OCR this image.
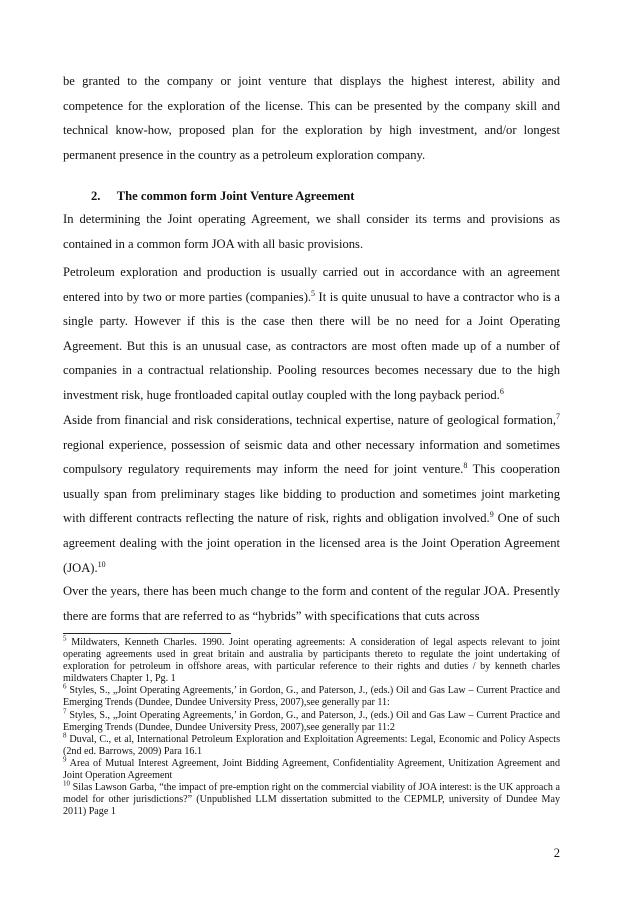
be granted to the company or joint venture that displays the highest interest, ability and competence for the exploration of the license. This can be presented by the company skill and technical know-how, proposed plan for the exploration by high investment, and/or longest permanent presence in the country as a petroleum exploration company.

2. The common form Joint Venture Agreement

In determining the Joint operating Agreement, we shall consider its terms and provisions as contained in a common form JOA with all basic provisions.

Petroleum exploration and production is usually carried out in accordance with an agreement entered into by two or more parties (companies).$^5$ It is quite unusual to have a contractor who is a single party. However if this is the case then there will be no need for a Joint Operating Agreement. But this is an unusual case, as contractors are most often made up of a number of companies in a contractual relationship. Pooling resources becomes necessary due to the high investment risk, huge frontloaded capital outlay coupled with the long payback period.$^6$

Aside from financial and risk considerations, technical expertise, nature of geological formation,$^7$ regional experience, possession of seismic data and other necessary information and sometimes compulsory regulatory requirements may inform the need for joint venture.$^8$ This cooperation usually span from preliminary stages like bidding to production and sometimes joint marketing with different contracts reflecting the nature of risk, rights and obligation involved.$^9$ One of such agreement dealing with the joint operation in the licensed area is the Joint Operation Agreement (JOA).$^{10}$

Over the years, there has been much change to the form and content of the regular JOA. Presently there are forms that are referred to as “hybrids” with specifications that cuts across

$^5$ Mildwaters, Kenneth Charles. 1990. Joint operating agreements: A consideration of legal aspects relevant to joint operating agreements used in great britain and australia by participants thereto to regulate the joint undertaking of exploration for petroleum in offshore areas, with particular reference to their rights and duties / by kenneth charles mildwaters Chapter 1, Pg. 1

$^6$ Styles, S., „Joint Operating Agreements,’ in Gordon, G., and Paterson, J., (eds.) Oil and Gas Law – Current Practice and Emerging Trends (Dundee, Dundee University Press, 2007),see generally par 11:

$^7$ Styles, S., „Joint Operating Agreements,’ in Gordon, G., and Paterson, J., (eds.) Oil and Gas Law – Current Practice and Emerging Trends (Dundee, Dundee University Press, 2007),see generally par 11:2

$^8$ Duval, C., et al, International Petroleum Exploration and Exploitation Agreements: Legal, Economic and Policy Aspects (2nd ed. Barrows, 2009) Para 16.1

$^9$ Area of Mutual Interest Agreement, Joint Bidding Agreement, Confidentiality Agreement, Unitization Agreement and Joint Operation Agreement

$^{10}$ Silas Lawson Garba, “the impact of pre-emption right on the commercial viability of JOA interest: is the UK approach a model for other jurisdictions?” (Unpublished LLM dissertation submitted to the CEPMLP, university of Dundee May 2011) Page 1

2
